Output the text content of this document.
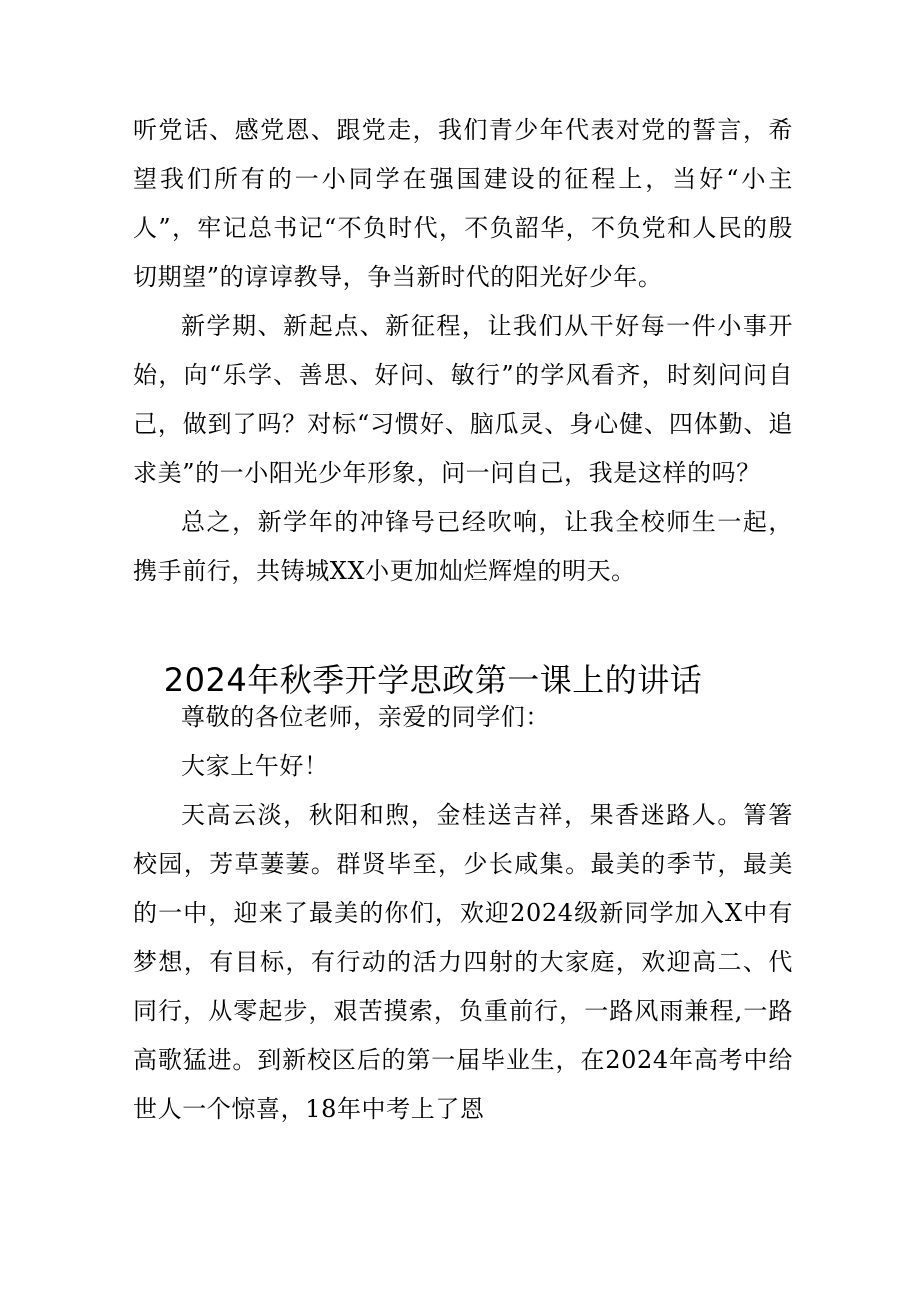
听党话、感党恩、跟党走，我们青少年代表对党的誓言，希望我们所有的一小同学在强国建设的征程上，当好“小主人”，牢记总书记“不负时代，不负韶华，不负党和人民的殷切期望”的谆谆教导，争当新时代的阳光好少年。

新学期、新起点、新征程，让我们从干好每一件小事开始，向“乐学、善思、好问、敏行”的学风看齐，时刻问问自己，做到了吗？对标“习惯好、脑瓜灵、身心健、四体勤、追求美”的一小阳光少年形象，问一问自己，我是这样的吗？

总之，新学年的冲锋号已经吹响，让我全校师生一起，携手前行，共铸城XX小更加灿烂辉煌的明天。

2024年秋季开学思政第一课上的讲话

尊敬的各位老师，亲爱的同学们：

大家上午好！

天高云淡，秋阳和煦，金桂送吉祥，果香迷路人。箐箸校园，芳草萋萋。群贤毕至，少长咸集。最美的季节，最美的一中，迎来了最美的你们，欢迎2024级新同学加入X中有梦想，有目标，有行动的活力四射的大家庭，欢迎高二、代同行，从零起步，艰苦摸索，负重前行，一路风雨兼程,一路高歌猛进。到新校区后的第一届毕业生，在2024年高考中给世人一个惊喜，18年中考上了恩
